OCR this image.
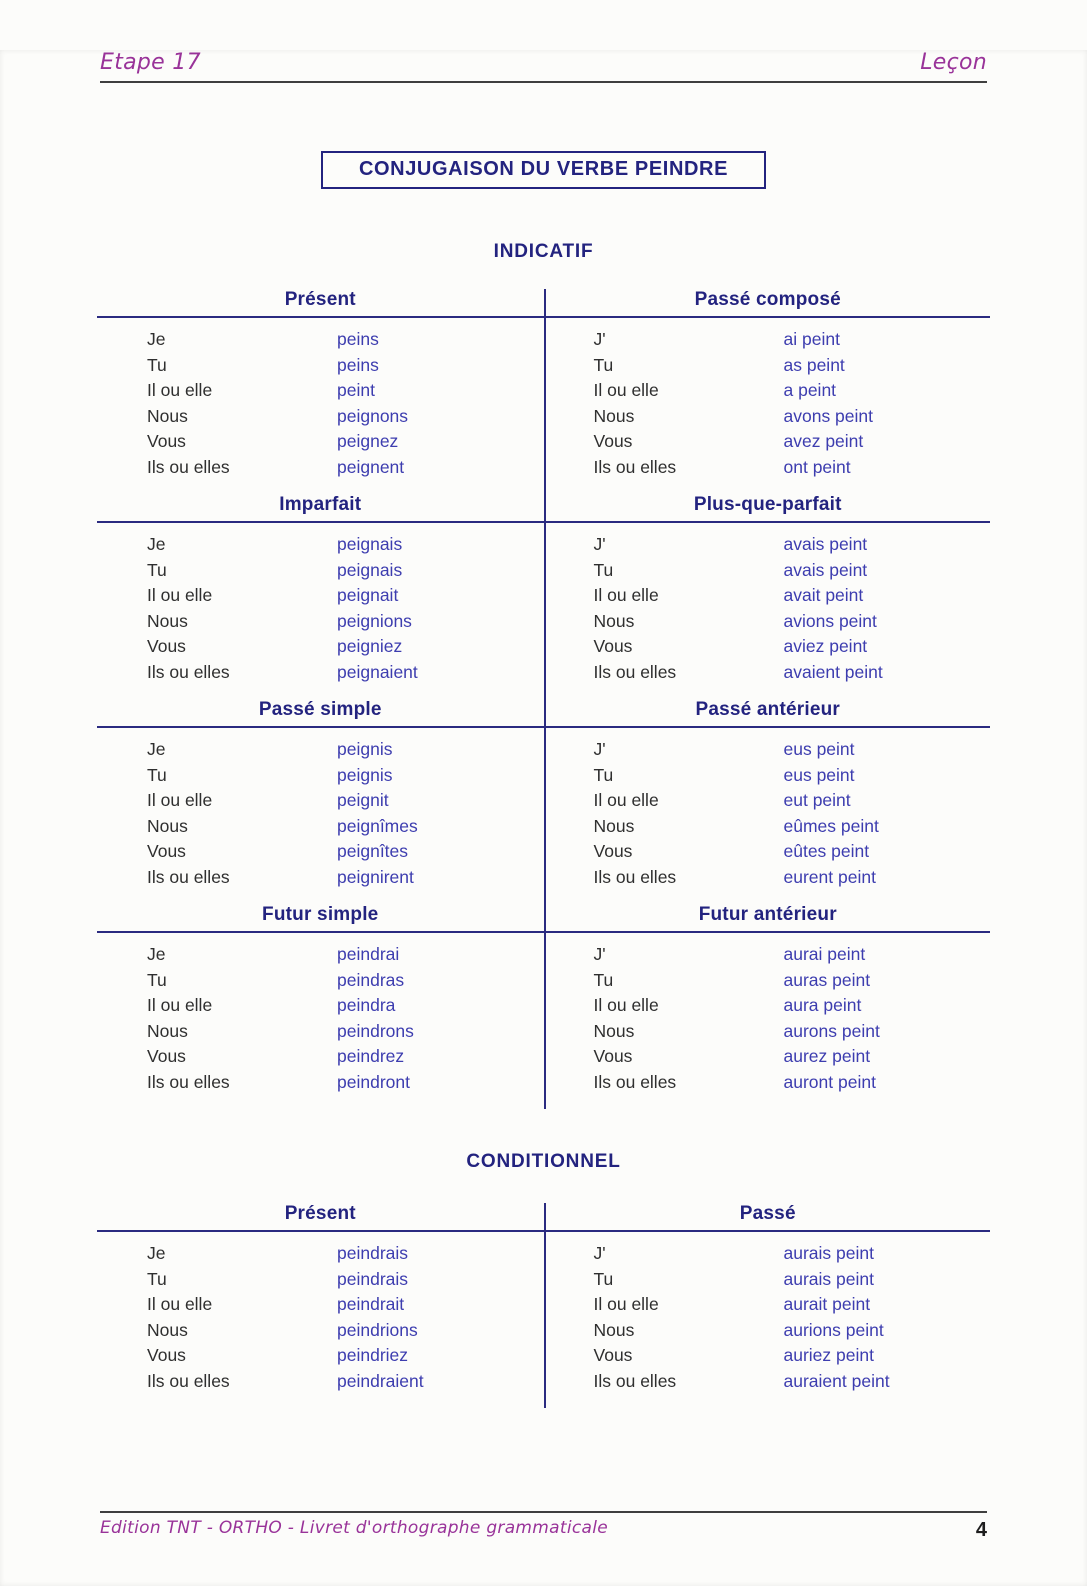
Etape 17	Leçon
CONJUGAISON DU VERBE PEINDRE
INDICATIF
Présent
Je	peins
Tu	peins
Il ou elle	peint
Nous	peignons
Vous	peignez
Ils ou elles	peignent
Passé composé
J'	ai peint
Tu	as peint
Il ou elle	a peint
Nous	avons peint
Vous	avez peint
Ils ou elles	ont peint
Imparfait
Je	peignais
Tu	peignais
Il ou elle	peignait
Nous	peignions
Vous	peigniez
Ils ou elles	peignaient
Plus-que-parfait
J'	avais peint
Tu	avais peint
Il ou elle	avait peint
Nous	avions peint
Vous	aviez peint
Ils ou elles	avaient peint
Passé simple
Je	peignis
Tu	peignis
Il ou elle	peignit
Nous	peignîmes
Vous	peignîtes
Ils ou elles	peignirent
Passé antérieur
J'	eus peint
Tu	eus peint
Il ou elle	eut peint
Nous	eûmes peint
Vous	eûtes peint
Ils ou elles	eurent peint
Futur simple
Je	peindrai
Tu	peindras
Il ou elle	peindra
Nous	peindrons
Vous	peindrez
Ils ou elles	peindront
Futur antérieur
J'	aurai peint
Tu	auras peint
Il ou elle	aura peint
Nous	aurons peint
Vous	aurez peint
Ils ou elles	auront peint
CONDITIONNEL
Présent
Je	peindrais
Tu	peindrais
Il ou elle	peindrait
Nous	peindrions
Vous	peindriez
Ils ou elles	peindraient
Passé
J'	aurais peint
Tu	aurais peint
Il ou elle	aurait peint
Nous	aurions peint
Vous	auriez peint
Ils ou elles	auraient peint
Edition TNT - ORTHO - Livret d'orthographe grammaticale	4
